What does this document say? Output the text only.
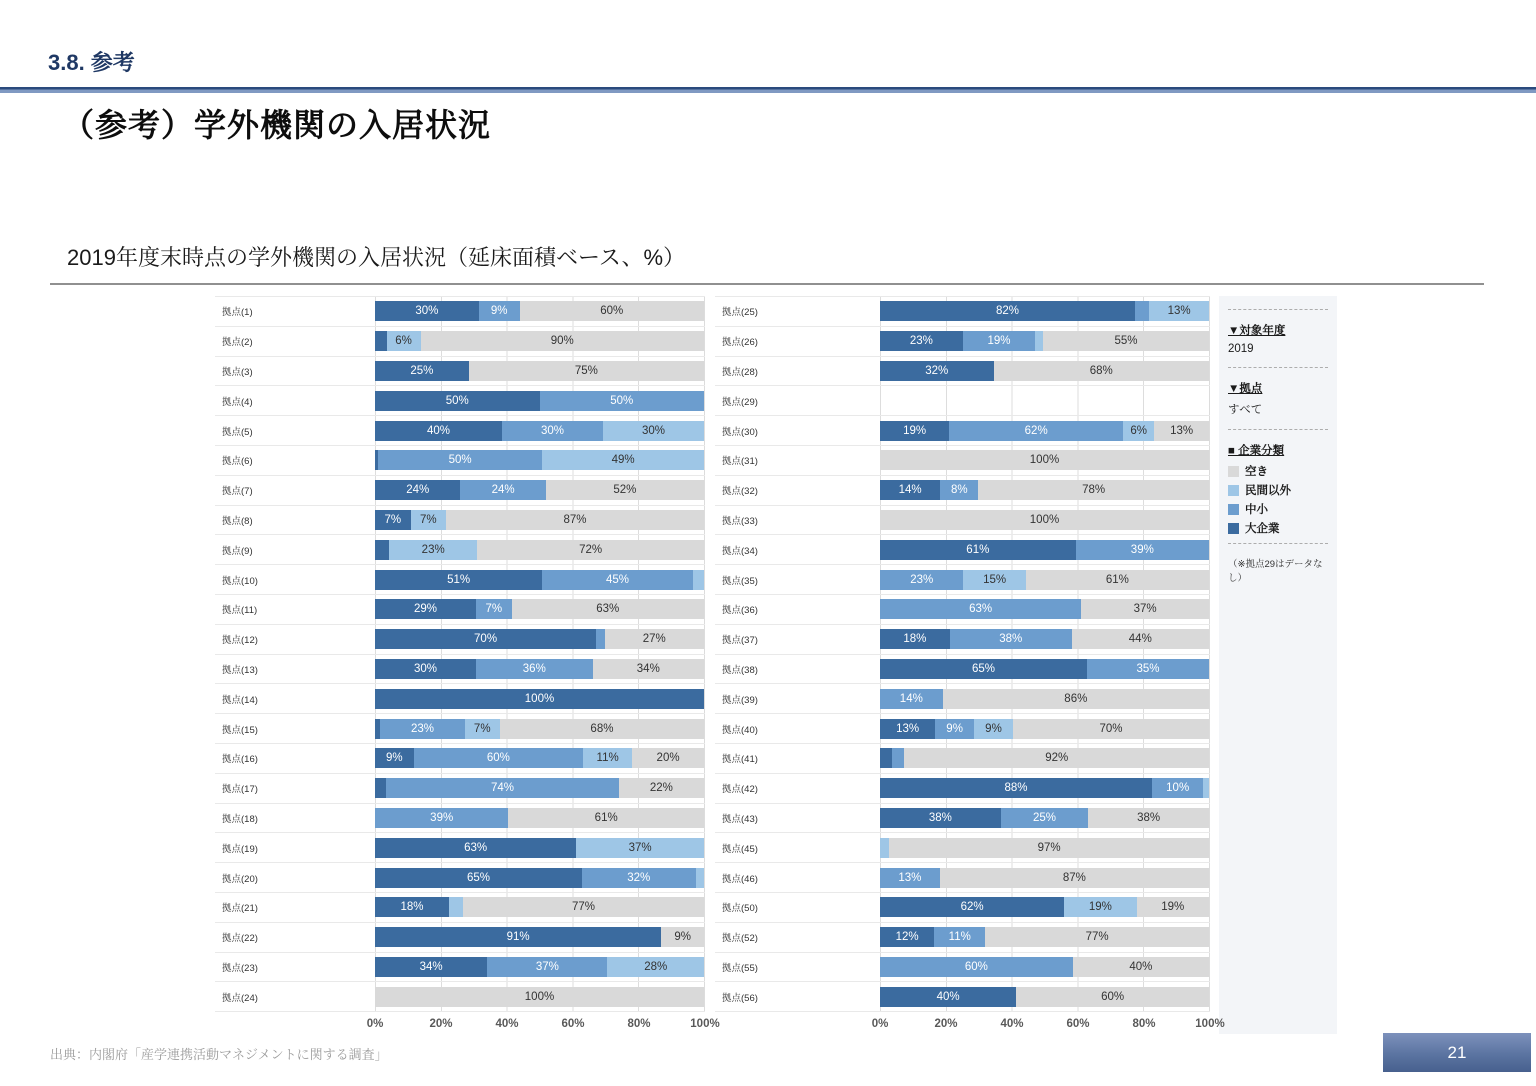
3.8. 参考
（参考）学外機関の入居状況
2019年度末時点の学外機関の入居状況（延床面積ベース、%）
拠点(1)	30%	9%	60%
拠点(2)	6%	90%
拠点(3)	25%	75%
拠点(4)	50%	50%
拠点(5)	40%	30%	30%
拠点(6)	50%	49%
拠点(7)	24%	24%	52%
拠点(8)	7% 7%	87%
拠点(9)	23%	72%
拠点(10)	51%	45%
拠点(11)	29%	7%	63%
拠点(12)	70%	27%
拠点(13)	30%	36%	34%
拠点(14)	100%
拠点(15)	23%	7%	68%
拠点(16)	9%	60%	11%	20%
拠点(17)	74%	22%
拠点(18)	39%	61%
拠点(19)	63%	37%
拠点(20)	65%	32%
拠点(21)	18%	77%
拠点(22)	91%	9%
拠点(23)	34%	37%	28%
拠点(24)	100%
0%	20%	40%	60%	80%	100%
拠点(25)	82%	13%
拠点(26)	23%	19%	55%
拠点(28)	32%	68%
拠点(29)
拠点(30)	19%	62%	6% 13%
拠点(31)	100%
拠点(32)	14%	8%	78%
拠点(33)	100%
拠点(34)	61%	39%
拠点(35)	23%	15%	61%
拠点(36)	63%	37%
拠点(37)	18%	38%	44%
拠点(38)	65%	35%
拠点(39)	14%	86%
拠点(40)	13% 9% 9%	70%
拠点(41)	92%
拠点(42)	88%	10%
拠点(43)	38%	25%	38%
拠点(45)	97%
拠点(46)	13%	87%
拠点(50)	62%	19%	19%
拠点(52)	12%	11%	77%
拠点(55)	60%	40%
拠点(56)	40%	60%
0%	20%	40%	60%	80%	100%
▼対象年度
2019
▼拠点
すべて
■ 企業分類
空き
民間以外
中小
大企業
（※拠点29はデータなし）
出典：内閣府「産学連携活動マネジメントに関する調査」	21
